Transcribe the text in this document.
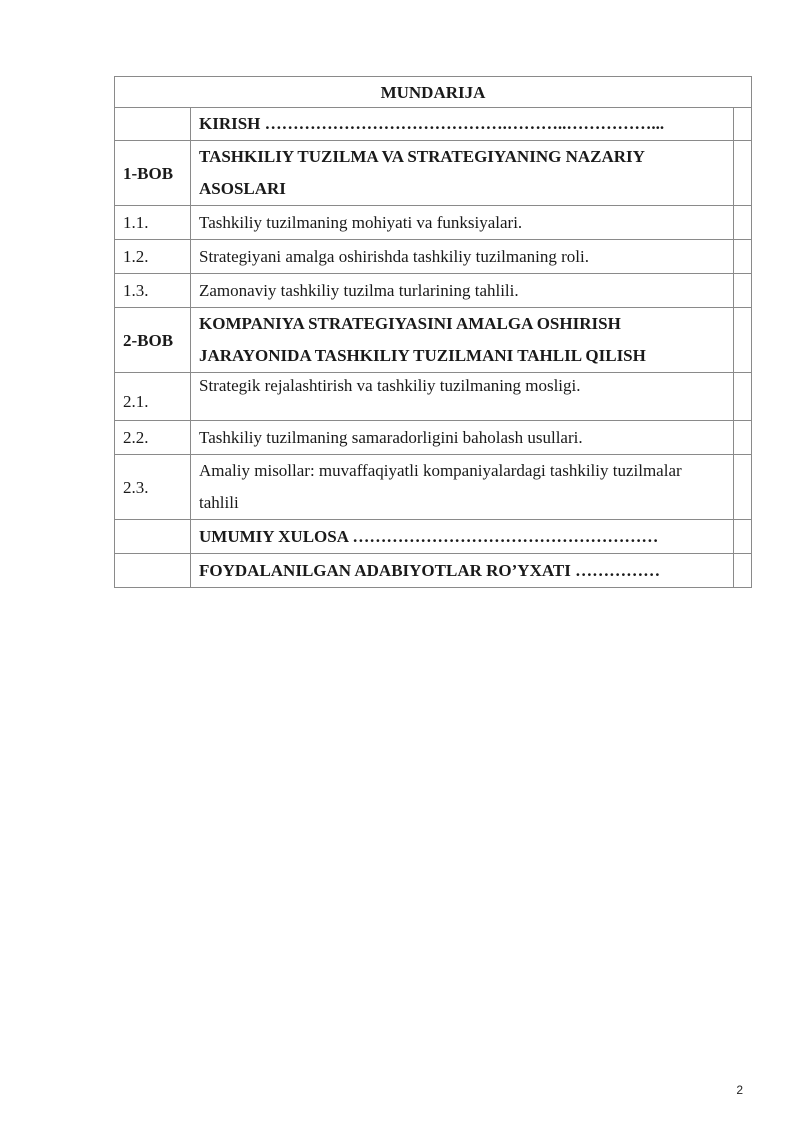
MUNDARIJA		
	KIRISH …………………………………….………..……………...	
1-BOB	TASHKILIY TUZILMA VA STRATEGIYANING NAZARIY ASOSLARI	
1.1.	Tashkiliy tuzilmaning mohiyati va funksiyalari.	
1.2.	Strategiyani amalga oshirishda tashkiliy tuzilmaning roli.	
1.3.	Zamonaviy tashkiliy tuzilma turlarining tahlili.	
2-BOB	KOMPANIYA STRATEGIYASINI AMALGA OSHIRISH JARAYONIDA TASHKILIY TUZILMANI TAHLIL QILISH	
2.1.	Strategik rejalashtirish va tashkiliy tuzilmaning mosligi.	
2.2.	Tashkiliy tuzilmaning samaradorligini baholash usullari.	
2.3.	Amaliy misollar: muvaffaqiyatli kompaniyalardagi tashkiliy tuzilmalar tahlili	
	UMUMIY XULOSA ………………………………………………	
	FOYDALANILGAN ADABIYOTLAR RO’YXATI ……………	
2
